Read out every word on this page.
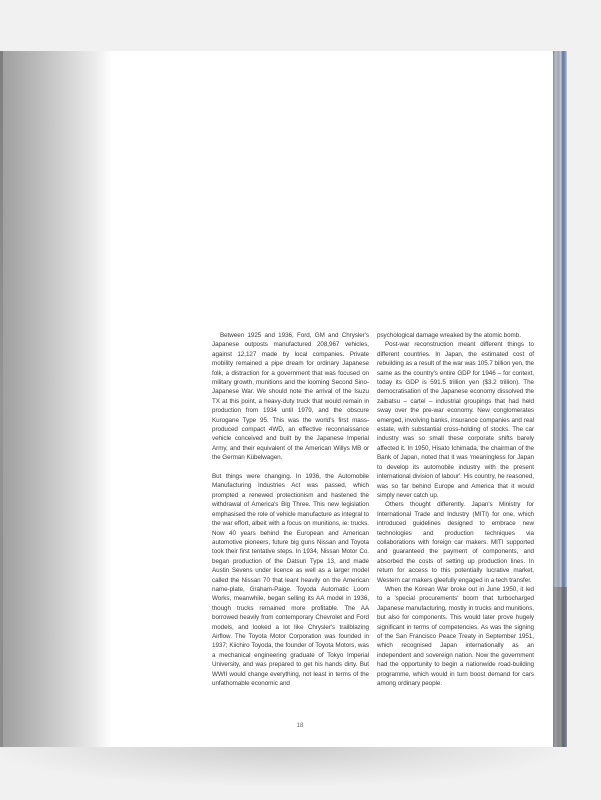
Between 1925 and 1936, Ford, GM and Chrysler's Japanese outposts manufactured 208,967 vehicles, against 12,127 made by local companies. Private mobility remained a pipe dream for ordinary Japanese folk, a distraction for a government that was focused on military growth, munitions and the looming Second Sino-Japanese War. We should note the arrival of the Isuzu TX at this point, a heavy-duty truck that would remain in production from 1934 until 1979, and the obscure Kurogane Type 95. This was the world's first mass-produced compact 4WD, an effective reconnaissance vehicle conceived and built by the Japanese Imperial Army, and their equivalent of the American Willys MB or the German Kübelwagen.

But things were changing. In 1936, the Automobile Manufacturing Industries Act was passed, which prompted a renewed protectionism and hastened the withdrawal of America's Big Three. This new legislation emphasised the role of vehicle manufacture as integral to the war effort, albeit with a focus on munitions, ie: trucks. Now 40 years behind the European and American automotive pioneers, future big guns Nissan and Toyota took their first tentative steps. In 1934, Nissan Motor Co. began production of the Datsun Type 13, and made Austin Sevens under licence as well as a larger model called the Nissan 70 that leant heavily on the American name-plate, Graham-Paige. Toyoda Automatic Loom Works, meanwhile, began selling its AA model in 1936, though trucks remained more profitable. The AA borrowed heavily from contemporary Chevrolet and Ford models, and looked a lot like Chrysler's trailblazing Airflow. The Toyota Motor Corporation was founded in 1937; Kiichiro Toyoda, the founder of Toyota Motors, was a mechanical engineering graduate of Tokyo Imperial University, and was prepared to get his hands dirty. But WWII would change everything, not least in terms of the unfathomable economic and

psychological damage wreaked by the atomic bomb.

Post-war reconstruction meant different things to different countries. In Japan, the estimated cost of rebuilding as a result of the war was 105.7 billion yen, the same as the country's entire GDP for 1946 – for context, today its GDP is 591.5 trillion yen ($3.2 trillion). The democratisation of the Japanese economy dissolved the zaibatsu – cartel – industrial groupings that had held sway over the pre-war economy. New conglomerates emerged, involving banks, insurance companies and real estate, with substantial cross-holding of stocks. The car industry was so small these corporate shifts barely affected it. In 1950, Hisato Ichimada, the chairman of the Bank of Japan, noted that it was 'meaningless for Japan to develop its automobile industry with the present international division of labour'. His country, he reasoned, was so far behind Europe and America that it would simply never catch up.

Others thought differently. Japan's Ministry for International Trade and Industry (MITI) for one, which introduced guidelines designed to embrace new technologies and production techniques via collaborations with foreign car makers. MITI supported and guaranteed the payment of components, and absorbed the costs of setting up production lines. In return for access to this potentially lucrative market, Western car makers gleefully engaged in a tech transfer.

When the Korean War broke out in June 1950, it led to a 'special procurements' boom that turbocharged Japanese manufacturing, mostly in trucks and munitions, but also for components. This would later prove hugely significant in terms of competencies. As was the signing of the San Francisco Peace Treaty in September 1951, which recognised Japan internationally as an independent and sovereign nation. Now the government had the opportunity to begin a nationwide road-building programme, which would in turn boost demand for cars among ordinary people.

18
